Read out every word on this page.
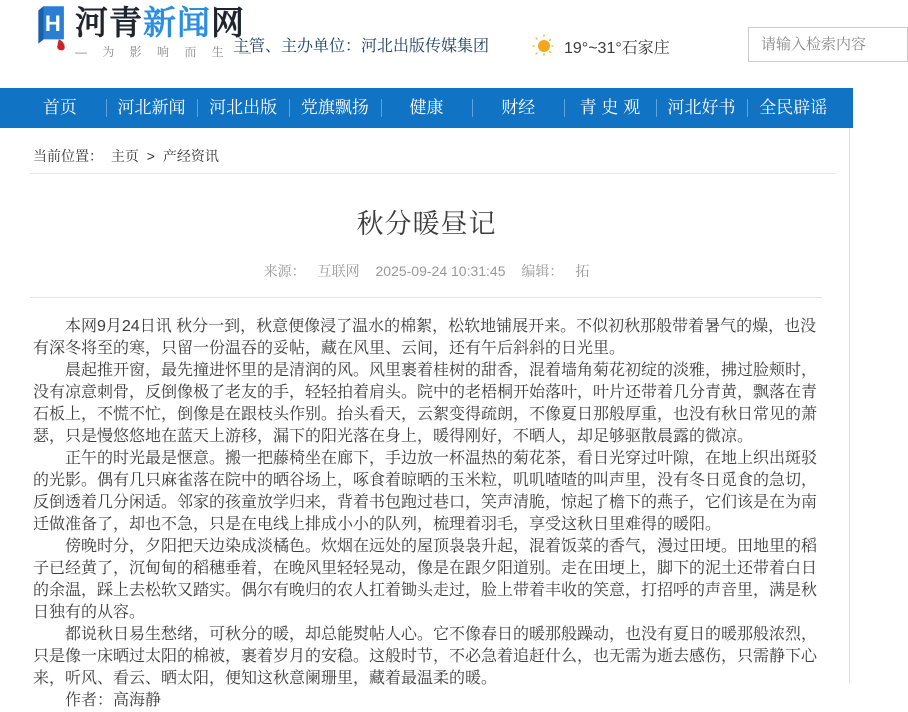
H 河青新闻网
— 为 影 响 而 生 —
主管、主办单位：河北出版传媒集团	19°~31°石家庄
请输入检索内容
首页	河北新闻	河北出版	党旗飘扬	健康	财经	青 史 观	河北好书	全民辟谣
当前位置： 主页 > 产经资讯
秋分暖昼记
来源： 互联网 2025-09-24 10:31:45 编辑： 拓

本网9月24日讯 秋分一到，秋意便像浸了温水的棉絮，松软地铺展开来。不似初秋那般带着暑气的燥，也没有深冬将至的寒，只留一份温吞的妥帖，藏在风里、云间，还有午后斜斜的日光里。

晨起推开窗，最先撞进怀里的是清润的风。风里裹着桂树的甜香，混着墙角菊花初绽的淡雅，拂过脸颊时，没有凉意刺骨，反倒像极了老友的手，轻轻拍着肩头。院中的老梧桐开始落叶，叶片还带着几分青黄，飘落在青石板上，不慌不忙，倒像是在跟枝头作别。抬头看天，云絮变得疏朗，不像夏日那般厚重，也没有秋日常见的萧瑟，只是慢悠悠地在蓝天上游移，漏下的阳光落在身上，暖得刚好，不晒人，却足够驱散晨露的微凉。

正午的时光最是惬意。搬一把藤椅坐在廊下，手边放一杯温热的菊花茶，看日光穿过叶隙，在地上织出斑驳的光影。偶有几只麻雀落在院中的晒谷场上，啄食着晾晒的玉米粒，叽叽喳喳的叫声里，没有冬日觅食的急切，反倒透着几分闲适。邻家的孩童放学归来，背着书包跑过巷口，笑声清脆，惊起了檐下的燕子，它们该是在为南迁做准备了，却也不急，只是在电线上排成小小的队列，梳理着羽毛，享受这秋日里难得的暖阳。

傍晚时分，夕阳把天边染成淡橘色。炊烟在远处的屋顶袅袅升起，混着饭菜的香气，漫过田埂。田地里的稻子已经黄了，沉甸甸的稻穗垂着，在晚风里轻轻晃动，像是在跟夕阳道别。走在田埂上，脚下的泥土还带着白日的余温，踩上去松软又踏实。偶尔有晚归的农人扛着锄头走过，脸上带着丰收的笑意，打招呼的声音里，满是秋日独有的从容。

都说秋日易生愁绪，可秋分的暖，却总能熨帖人心。它不像春日的暖那般躁动，也没有夏日的暖那般浓烈，只是像一床晒过太阳的棉被，裹着岁月的安稳。这般时节，不必急着追赶什么，也无需为逝去感伤，只需静下心来，听风、看云、晒太阳，便知这秋意阑珊里，藏着最温柔的暖。

作者：高海静
